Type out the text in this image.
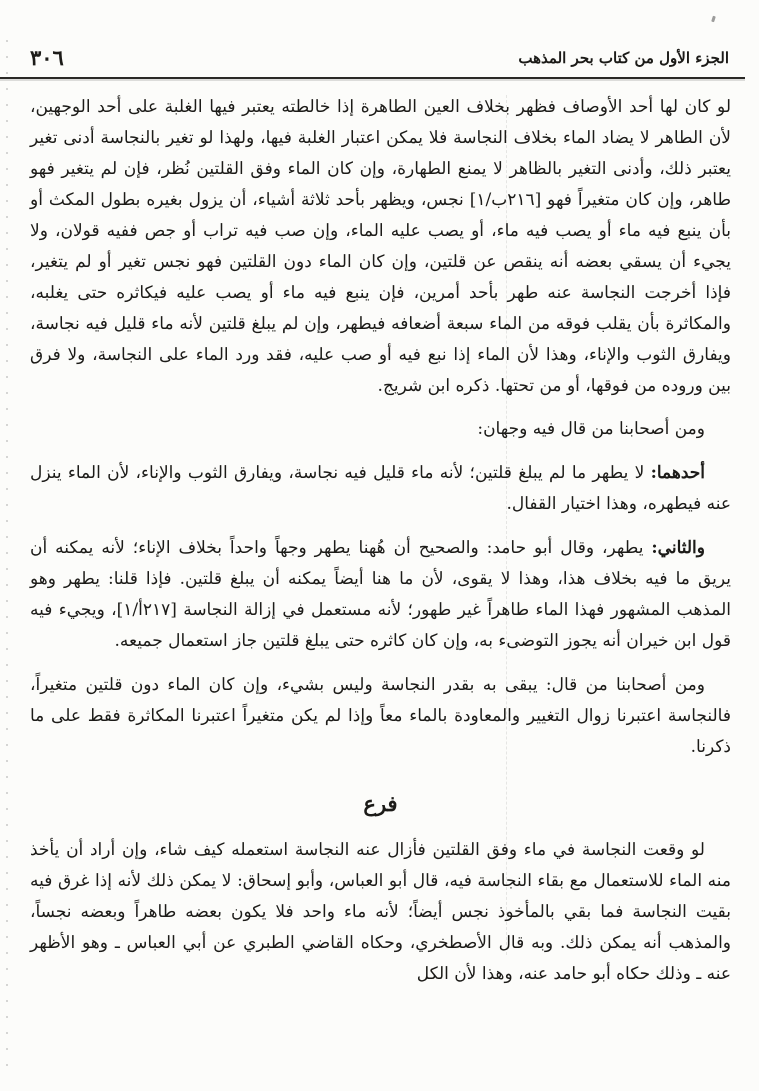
الجزء الأول من كتاب بحر المذهب
٣٠٦

لو كان لها أحد الأوصاف فظهر بخلاف العين الطاهرة إذا خالطته يعتبر فيها الغلبة على أحد الوجهين، لأن الطاهر لا يضاد الماء بخلاف النجاسة فلا يمكن اعتبار الغلبة فيها، ولهذا لو تغير بالنجاسة أدنى تغير يعتبر ذلك، وأدنى التغير بالظاهر لا يمنع الطهارة، وإن كان الماء وفق القلتين نُظر، فإن لم يتغير فهو طاهر، وإن كان متغيراً فهو [٢١٦ب/١] نجس، ويظهر بأحد ثلاثة أشياء، أن يزول بغيره بطول المكث أو بأن ينبع فيه ماء أو يصب فيه ماء، أو يصب عليه الماء، وإن صب فيه تراب أو جص ففيه قولان، ولا يجيء أن يسقي بعضه أنه ينقص عن قلتين، وإن كان الماء دون القلتين فهو نجس تغير أو لم يتغير، فإذا أخرجت النجاسة عنه طهر بأحد أمرين، فإن ينبع فيه ماء أو يصب عليه فيكاثره حتى يغلبه، والمكاثرة بأن يقلب فوقه من الماء سبعة أضعافه فيطهر، وإن لم يبلغ قلتين لأنه ماء قليل فيه نجاسة، ويفارق الثوب والإناء، وهذا لأن الماء إذا نبع فيه أو صب عليه، فقد ورد الماء على النجاسة، ولا فرق بين وروده من فوقها، أو من تحتها. ذكره ابن شريج.

ومن أصحابنا من قال فيه وجهان:

أحدهما: لا يطهر ما لم يبلغ قلتين؛ لأنه ماء قليل فيه نجاسة، ويفارق الثوب والإناء، لأن الماء ينزل عنه فيطهره، وهذا اختيار القفال.

والثاني: يطهر، وقال أبو حامد: والصحيح أن هُهنا يطهر وجهاً واحداً بخلاف الإناء؛ لأنه يمكنه أن يريق ما فيه بخلاف هذا، وهذا لا يقوى، لأن ما هنا أيضاً يمكنه أن يبلغ قلتين. فإذا قلنا: يطهر وهو المذهب المشهور فهذا الماء طاهراً غير طهور؛ لأنه مستعمل في إزالة النجاسة [٢١٧أ/١]، ويجيء فيه قول ابن خيران أنه يجوز التوضىء به، وإن كان كاثره حتى يبلغ قلتين جاز استعمال جميعه.

ومن أصحابنا من قال: يبقى به بقدر النجاسة وليس بشيء، وإن كان الماء دون قلتين متغيراً، فالنجاسة اعتبرنا زوال التغيير والمعاودة بالماء معاً وإذا لم يكن متغيراً اعتبرنا المكاثرة فقط على ما ذكرنا.

فرع

لو وقعت النجاسة في ماء وفق القلتين فأزال عنه النجاسة استعمله كيف شاء، وإن أراد أن يأخذ منه الماء للاستعمال مع بقاء النجاسة فيه، قال أبو العباس، وأبو إسحاق: لا يمكن ذلك لأنه إذا غرق فيه بقيت النجاسة فما بقي بالمأخوذ نجس أيضاً؛ لأنه ماء واحد فلا يكون بعضه طاهراً وبعضه نجساً، والمذهب أنه يمكن ذلك. وبه قال الأصطخري، وحكاه القاضي الطبري عن أبي العباس ـ وهو الأظهر عنه ـ وذلك حكاه أبو حامد عنه، وهذا لأن الكل
